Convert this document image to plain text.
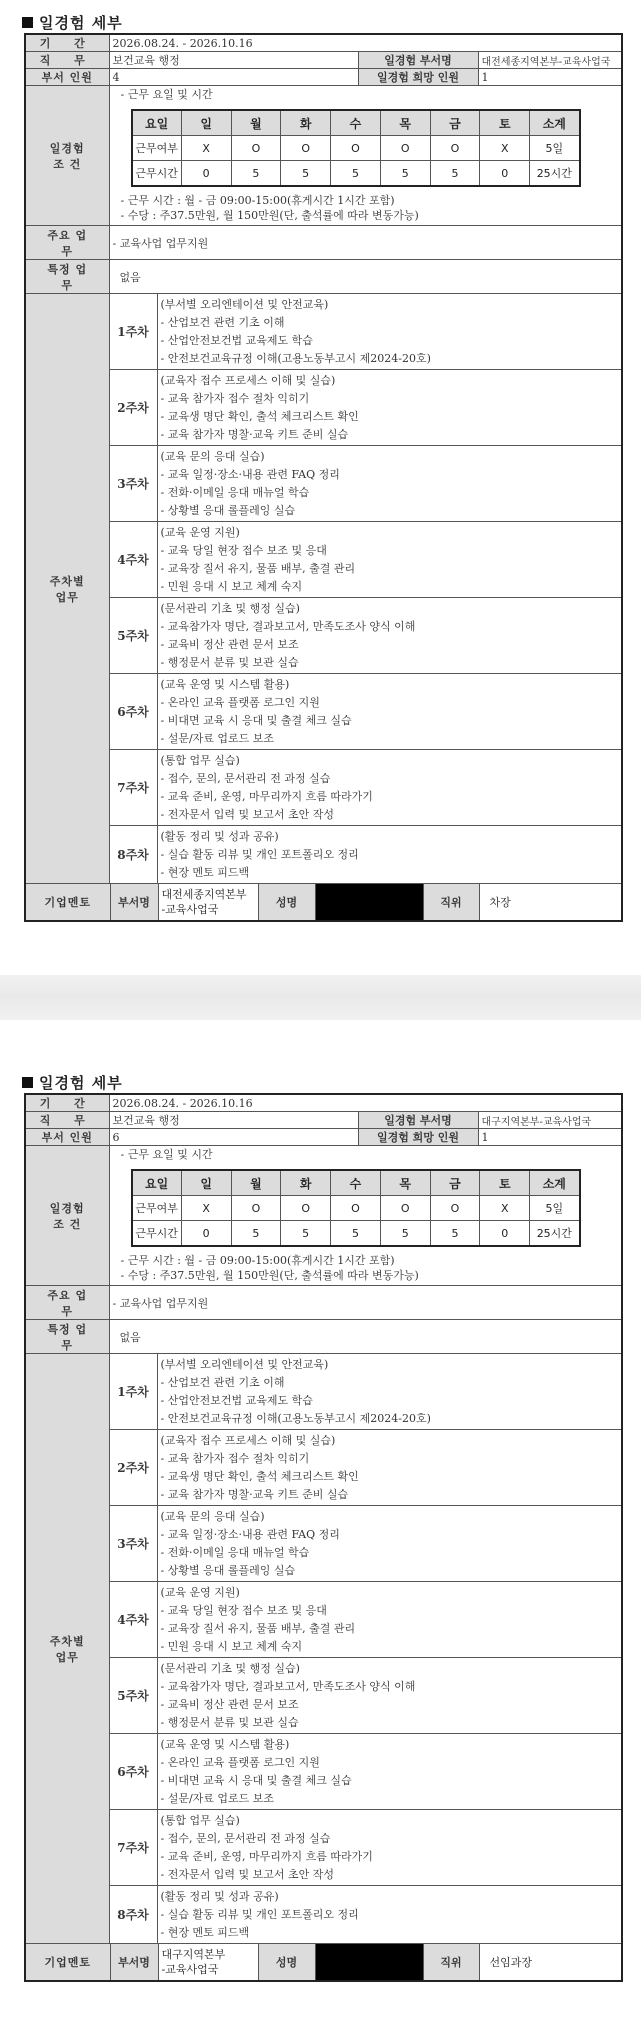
일경험 세부
기 간	2026.08.24. - 2026.10.16
직 무	보건교육 행정	일경험 부서명	대전세종지역본부-교육사업국
부서 인원	4	일경험 희망 인원	1

일경험
조 건

- 근무 요일 및 시간
요일	일	월	화	수	목	금	토	소계
근무여부	X	O	O	O	O	O	X	5일
근무시간	0	5	5	5	5	5	0	25시간
- 근무 시간 : 월 - 금 09:00-15:00(휴게시간 1시간 포함)
- 수당 : 주37.5만원, 월 150만원(단, 출석률에 따라 변동가능)

주요 업무	- 교육사업 업무지원
특정 업무	없음

주차별
업무
	1주차	
(부서별 오리엔테이션 및 안전교육)
- 산업보건 관련 기초 이해
- 산업안전보건법 교육제도 학습
- 안전보건교육규정 이해(고용노동부고시 제2024-20호)

2주차	
(교육자 접수 프로세스 이해 및 실습)
- 교육 참가자 접수 절차 익히기
- 교육생 명단 확인, 출석 체크리스트 확인
- 교육 참가자 명찰·교육 키트 준비 실습

3주차	
(교육 문의 응대 실습)
- 교육 일정·장소·내용 관련 FAQ 정리
- 전화·이메일 응대 매뉴얼 학습
- 상황별 응대 롤플레잉 실습

4주차	
(교육 운영 지원)
- 교육 당일 현장 접수 보조 및 응대
- 교육장 질서 유지, 물품 배부, 출결 관리
- 민원 응대 시 보고 체계 숙지

5주차	
(문서관리 기초 및 행정 실습)
- 교육참가자 명단, 결과보고서, 만족도조사 양식 이해
- 교육비 정산 관련 문서 보조
- 행정문서 분류 및 보관 실습

6주차	
(교육 운영 및 시스템 활용)
- 온라인 교육 플랫폼 로그인 지원
- 비대면 교육 시 응대 및 출결 체크 실습
- 설문/자료 업로드 보조

7주차	
(통합 업무 실습)
- 접수, 문의, 문서관리 전 과정 실습
- 교육 준비, 운영, 마무리까지 흐름 따라가기
- 전자문서 입력 및 보고서 초안 작성

8주차	
(활동 정리 및 성과 공유)
- 실습 활동 리뷰 및 개인 포트폴리오 정리
- 현장 멘토 피드백

기업멘토	부서명	
대전세종지역본부
-교육사업국
	성명		직위	차장
일경험 세부
기 간	2026.08.24. - 2026.10.16
직 무	보건교육 행정	일경험 부서명	대구지역본부-교육사업국
부서 인원	6	일경험 희망 인원	1

일경험
조 건

- 근무 요일 및 시간
요일	일	월	화	수	목	금	토	소계
근무여부	X	O	O	O	O	O	X	5일
근무시간	0	5	5	5	5	5	0	25시간
- 근무 시간 : 월 - 금 09:00-15:00(휴게시간 1시간 포함)
- 수당 : 주37.5만원, 월 150만원(단, 출석률에 따라 변동가능)

주요 업무	- 교육사업 업무지원
특정 업무	없음

주차별
업무
	1주차	
(부서별 오리엔테이션 및 안전교육)
- 산업보건 관련 기초 이해
- 산업안전보건법 교육제도 학습
- 안전보건교육규정 이해(고용노동부고시 제2024-20호)

2주차	
(교육자 접수 프로세스 이해 및 실습)
- 교육 참가자 접수 절차 익히기
- 교육생 명단 확인, 출석 체크리스트 확인
- 교육 참가자 명찰·교육 키트 준비 실습

3주차	
(교육 문의 응대 실습)
- 교육 일정·장소·내용 관련 FAQ 정리
- 전화·이메일 응대 매뉴얼 학습
- 상황별 응대 롤플레잉 실습

4주차	
(교육 운영 지원)
- 교육 당일 현장 접수 보조 및 응대
- 교육장 질서 유지, 물품 배부, 출결 관리
- 민원 응대 시 보고 체계 숙지

5주차	
(문서관리 기초 및 행정 실습)
- 교육참가자 명단, 결과보고서, 만족도조사 양식 이해
- 교육비 정산 관련 문서 보조
- 행정문서 분류 및 보관 실습

6주차	
(교육 운영 및 시스템 활용)
- 온라인 교육 플랫폼 로그인 지원
- 비대면 교육 시 응대 및 출결 체크 실습
- 설문/자료 업로드 보조

7주차	
(통합 업무 실습)
- 접수, 문의, 문서관리 전 과정 실습
- 교육 준비, 운영, 마무리까지 흐름 따라가기
- 전자문서 입력 및 보고서 초안 작성

8주차	
(활동 정리 및 성과 공유)
- 실습 활동 리뷰 및 개인 포트폴리오 정리
- 현장 멘토 피드백

기업멘토	부서명	
대구지역본부
-교육사업국
	성명		직위	선임과장
